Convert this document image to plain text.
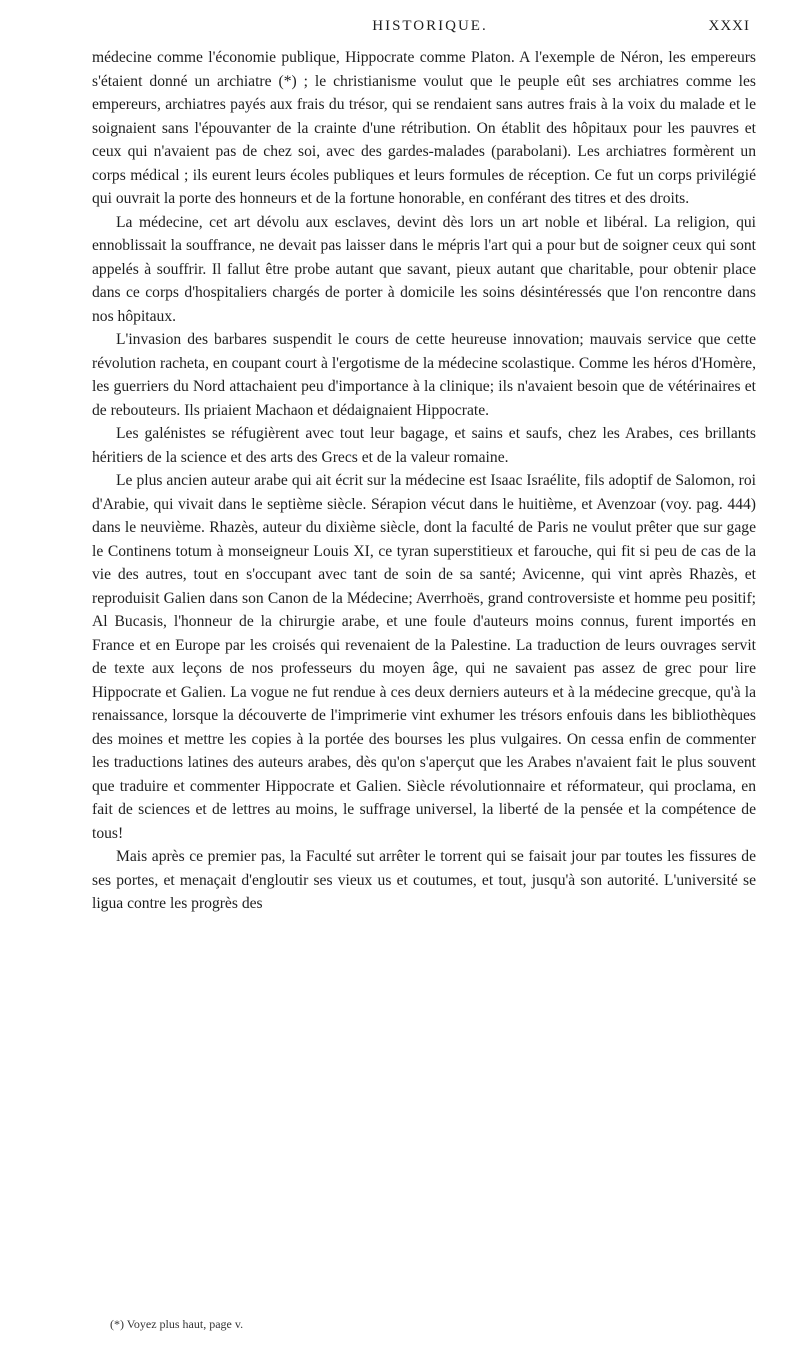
HISTORIQUE.	XXXI

médecine comme l'économie publique, Hippocrate comme Platon. A l'exemple de Néron, les empereurs s'étaient donné un archiatre (*) ; le christianisme voulut que le peuple eût ses archiatres comme les empereurs, archiatres payés aux frais du trésor, qui se rendaient sans autres frais à la voix du malade et le soignaient sans l'épouvanter de la crainte d'une rétribution. On établit des hôpitaux pour les pauvres et ceux qui n'avaient pas de chez soi, avec des gardes-malades (parabolani). Les archiatres formèrent un corps médical ; ils eurent leurs écoles publiques et leurs formules de réception. Ce fut un corps privilégié qui ouvrait la porte des honneurs et de la fortune honorable, en conférant des titres et des droits.

La médecine, cet art dévolu aux esclaves, devint dès lors un art noble et libéral. La religion, qui ennoblissait la souffrance, ne devait pas laisser dans le mépris l'art qui a pour but de soigner ceux qui sont appelés à souffrir. Il fallut être probe autant que savant, pieux autant que charitable, pour obtenir place dans ce corps d'hospitaliers chargés de porter à domicile les soins désintéressés que l'on rencontre dans nos hôpitaux.

L'invasion des barbares suspendit le cours de cette heureuse innovation; mauvais service que cette révolution racheta, en coupant court à l'ergotisme de la médecine scolastique. Comme les héros d'Homère, les guerriers du Nord attachaient peu d'importance à la clinique; ils n'avaient besoin que de vétérinaires et de rebouteurs. Ils priaient Machaon et dédaignaient Hippocrate.

Les galénistes se réfugièrent avec tout leur bagage, et sains et saufs, chez les Arabes, ces brillants héritiers de la science et des arts des Grecs et de la valeur romaine.

Le plus ancien auteur arabe qui ait écrit sur la médecine est Isaac Israélite, fils adoptif de Salomon, roi d'Arabie, qui vivait dans le septième siècle. Sérapion vécut dans le huitième, et Avenzoar (voy. pag. 444) dans le neuvième. Rhazès, auteur du dixième siècle, dont la faculté de Paris ne voulut prêter que sur gage le Continens totum à monseigneur Louis XI, ce tyran superstitieux et farouche, qui fit si peu de cas de la vie des autres, tout en s'occupant avec tant de soin de sa santé; Avicenne, qui vint après Rhazès, et reproduisit Galien dans son Canon de la Médecine; Averrhoës, grand controversiste et homme peu positif; Al Bucasis, l'honneur de la chirurgie arabe, et une foule d'auteurs moins connus, furent importés en France et en Europe par les croisés qui revenaient de la Palestine. La traduction de leurs ouvrages servit de texte aux leçons de nos professeurs du moyen âge, qui ne savaient pas assez de grec pour lire Hippocrate et Galien. La vogue ne fut rendue à ces deux derniers auteurs et à la médecine grecque, qu'à la renaissance, lorsque la découverte de l'imprimerie vint exhumer les trésors enfouis dans les bibliothèques des moines et mettre les copies à la portée des bourses les plus vulgaires. On cessa enfin de commenter les traductions latines des auteurs arabes, dès qu'on s'aperçut que les Arabes n'avaient fait le plus souvent que traduire et commenter Hippocrate et Galien. Siècle révolutionnaire et réformateur, qui proclama, en fait de sciences et de lettres au moins, le suffrage universel, la liberté de la pensée et la compétence de tous!

Mais après ce premier pas, la Faculté sut arrêter le torrent qui se faisait jour par toutes les fissures de ses portes, et menaçait d'engloutir ses vieux us et coutumes, et tout, jusqu'à son autorité. L'université se ligua contre les progrès des

(*) Voyez plus haut, page v.
